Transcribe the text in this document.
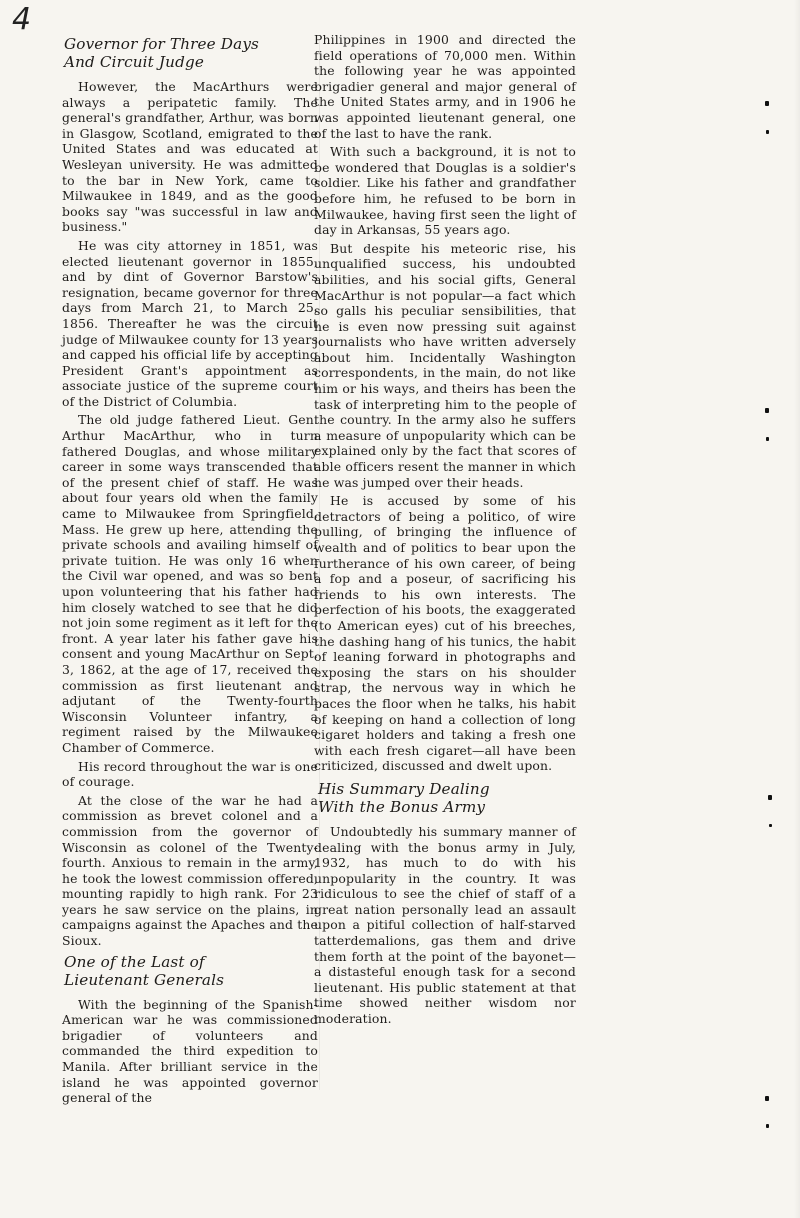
4
Governor for Three Days
And Circuit Judge

However, the MacArthurs were always a peripatetic family. The general's grandfather, Arthur, was born in Glasgow, Scotland, emigrated to the United States and was educated at Wesleyan university. He was admitted to the bar in New York, came to Milwaukee in 1849, and as the good books say "was successful in law and business."

He was city attorney in 1851, was elected lieutenant governor in 1855, and by dint of Governor Barstow's resignation, became governor for three days from March 21, to March 25, 1856. Thereafter he was the circuit judge of Milwaukee county for 13 years and capped his official life by accepting President Grant's appointment as associate justice of the supreme court of the District of Columbia.

The old judge fathered Lieut. Gen. Arthur MacArthur, who in turn fathered Douglas, and whose military career in some ways transcended that of the present chief of staff. He was about four years old when the family came to Milwaukee from Springfield, Mass. He grew up here, attending the private schools and availing himself of private tuition. He was only 16 when the Civil war opened, and was so bent upon volunteering that his father had him closely watched to see that he did not join some regiment as it left for the front. A year later his father gave his consent and young MacArthur on Sept. 3, 1862, at the age of 17, received the commission as first lieutenant and adjutant of the Twenty-fourth Wisconsin Volunteer infantry, a regiment raised by the Milwaukee Chamber of Commerce.

His record throughout the war is one of courage.

At the close of the war he had a commission as brevet colonel and a commission from the governor of Wisconsin as colonel of the Twenty-fourth. Anxious to remain in the army, he took the lowest commission offered, mounting rapidly to high rank. For 23 years he saw service on the plains, in campaigns against the Apaches and the Sioux.

One of the Last of
Lieutenant Generals

With the beginning of the Spanish-American war he was commissioned brigadier of volunteers and commanded the third expedition to Manila. After brilliant service in the island he was appointed governor general of the

Philippines in 1900 and directed the field operations of 70,000 men. Within the following year he was appointed brigadier general and major general of the United States army, and in 1906 he was appointed lieutenant general, one of the last to have the rank.

With such a background, it is not to be wondered that Douglas is a soldier's soldier. Like his father and grandfather before him, he refused to be born in Milwaukee, having first seen the light of day in Arkansas, 55 years ago.

But despite his meteoric rise, his unqualified success, his undoubted abilities, and his social gifts, General MacArthur is not popular—a fact which so galls his peculiar sensibilities, that he is even now pressing suit against journalists who have written adversely about him. Incidentally Washington correspondents, in the main, do not like him or his ways, and theirs has been the task of interpreting him to the people of the country. In the army also he suffers a measure of unpopularity which can be explained only by the fact that scores of able officers resent the manner in which he was jumped over their heads.

He is accused by some of his detractors of being a politico, of wire pulling, of bringing the influence of wealth and of politics to bear upon the furtherance of his own career, of being a fop and a poseur, of sacrificing his friends to his own interests. The perfection of his boots, the exaggerated (to American eyes) cut of his breeches, the dashing hang of his tunics, the habit of leaning forward in photographs and exposing the stars on his shoulder strap, the nervous way in which he paces the floor when he talks, his habit of keeping on hand a collection of long cigaret holders and taking a fresh one with each fresh cigaret—all have been criticized, discussed and dwelt upon.

His Summary Dealing
With the Bonus Army

Undoubtedly his summary manner of dealing with the bonus army in July, 1932, has much to do with his unpopularity in the country. It was ridiculous to see the chief of staff of a great nation personally lead an assault upon a pitiful collection of half-starved tatterdemalions, gas them and drive them forth at the point of the bayonet—a distasteful enough task for a second lieutenant. His public statement at that time showed neither wisdom nor moderation.
